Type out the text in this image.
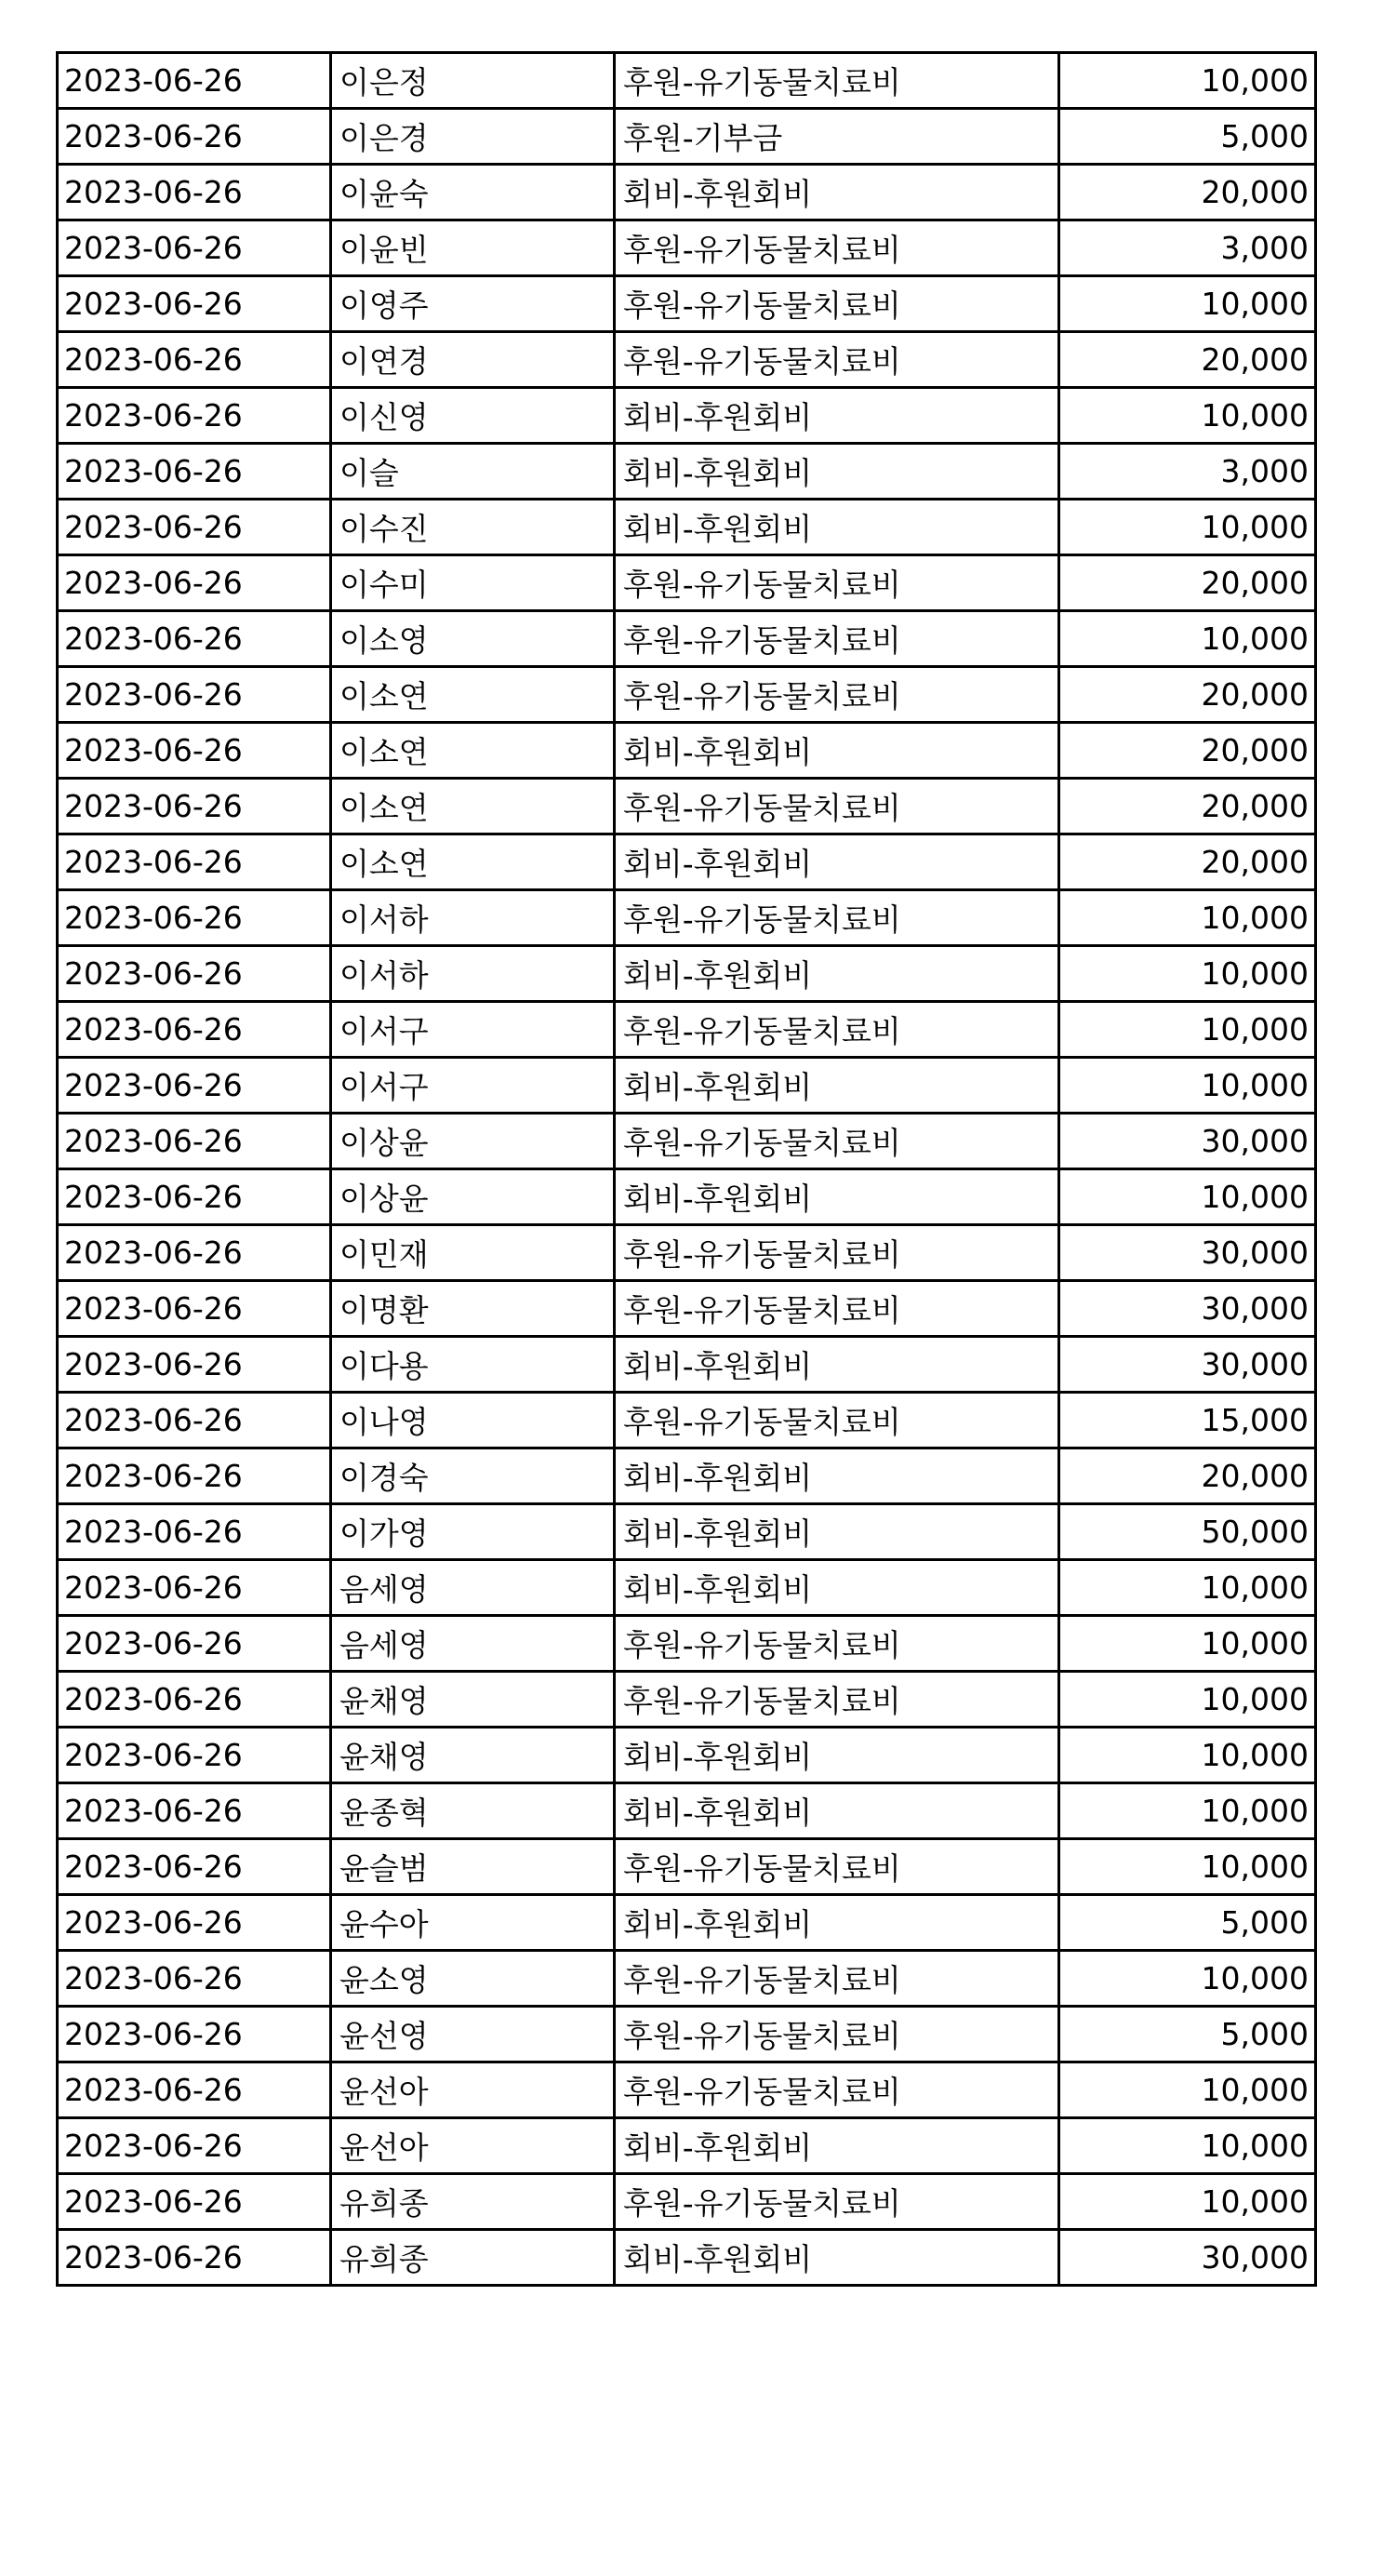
2023-06-26	이은정	후원-유기동물치료비	10,000
2023-06-26	이은경	후원-기부금	5,000
2023-06-26	이윤숙	회비-후원회비	20,000
2023-06-26	이윤빈	후원-유기동물치료비	3,000
2023-06-26	이영주	후원-유기동물치료비	10,000
2023-06-26	이연경	후원-유기동물치료비	20,000
2023-06-26	이신영	회비-후원회비	10,000
2023-06-26	이슬	회비-후원회비	3,000
2023-06-26	이수진	회비-후원회비	10,000
2023-06-26	이수미	후원-유기동물치료비	20,000
2023-06-26	이소영	후원-유기동물치료비	10,000
2023-06-26	이소연	후원-유기동물치료비	20,000
2023-06-26	이소연	회비-후원회비	20,000
2023-06-26	이소연	후원-유기동물치료비	20,000
2023-06-26	이소연	회비-후원회비	20,000
2023-06-26	이서하	후원-유기동물치료비	10,000
2023-06-26	이서하	회비-후원회비	10,000
2023-06-26	이서구	후원-유기동물치료비	10,000
2023-06-26	이서구	회비-후원회비	10,000
2023-06-26	이상윤	후원-유기동물치료비	30,000
2023-06-26	이상윤	회비-후원회비	10,000
2023-06-26	이민재	후원-유기동물치료비	30,000
2023-06-26	이명환	후원-유기동물치료비	30,000
2023-06-26	이다용	회비-후원회비	30,000
2023-06-26	이나영	후원-유기동물치료비	15,000
2023-06-26	이경숙	회비-후원회비	20,000
2023-06-26	이가영	회비-후원회비	50,000
2023-06-26	음세영	회비-후원회비	10,000
2023-06-26	음세영	후원-유기동물치료비	10,000
2023-06-26	윤채영	후원-유기동물치료비	10,000
2023-06-26	윤채영	회비-후원회비	10,000
2023-06-26	윤종혁	회비-후원회비	10,000
2023-06-26	윤슬범	후원-유기동물치료비	10,000
2023-06-26	윤수아	회비-후원회비	5,000
2023-06-26	윤소영	후원-유기동물치료비	10,000
2023-06-26	윤선영	후원-유기동물치료비	5,000
2023-06-26	윤선아	후원-유기동물치료비	10,000
2023-06-26	윤선아	회비-후원회비	10,000
2023-06-26	유희종	후원-유기동물치료비	10,000
2023-06-26	유희종	회비-후원회비	30,000
